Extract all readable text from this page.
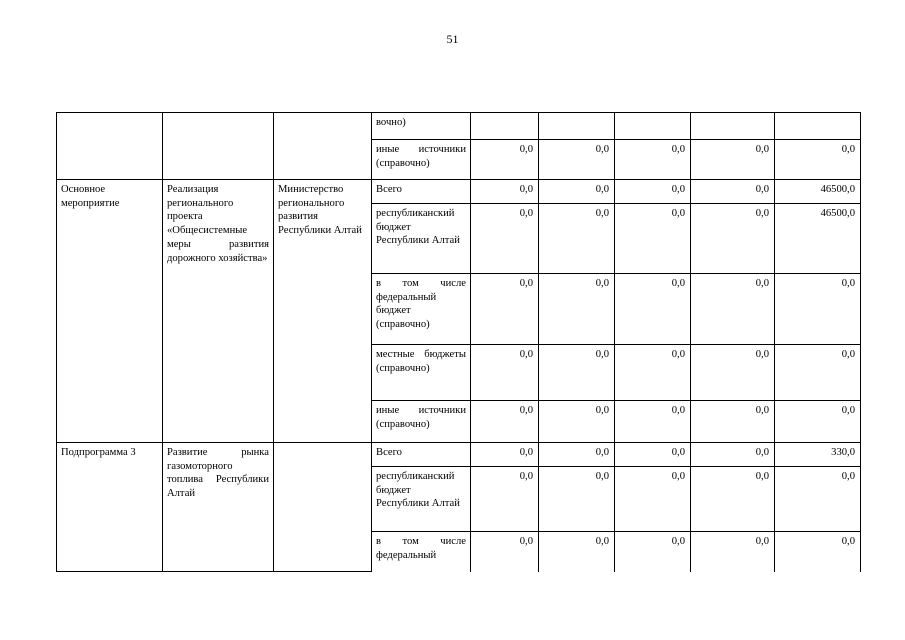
51
			вочно)					
			иные источники (справочно)	0,0	0,0	0,0	0,0	0,0
Основное мероприятие	Реализация регионального проекта «Общесистемные меры развития дорожного хозяйства»	Министерство регионального развития Республики Алтай	Всего	0,0	0,0	0,0	0,0	46500,0
			республиканский бюджет Республики Алтай	0,0	0,0	0,0	0,0	46500,0
			в том числе федеральный бюджет (справочно)	0,0	0,0	0,0	0,0	0,0
			местные бюджеты (справочно)	0,0	0,0	0,0	0,0	0,0
			иные источники (справочно)	0,0	0,0	0,0	0,0	0,0
Подпрограмма 3	Развитие рынка газомоторного топлива Республики Алтай		Всего	0,0	0,0	0,0	0,0	330,0
			республиканский бюджет Республики Алтай	0,0	0,0	0,0	0,0	0,0
			в том числе федеральный	0,0	0,0	0,0	0,0	0,0
